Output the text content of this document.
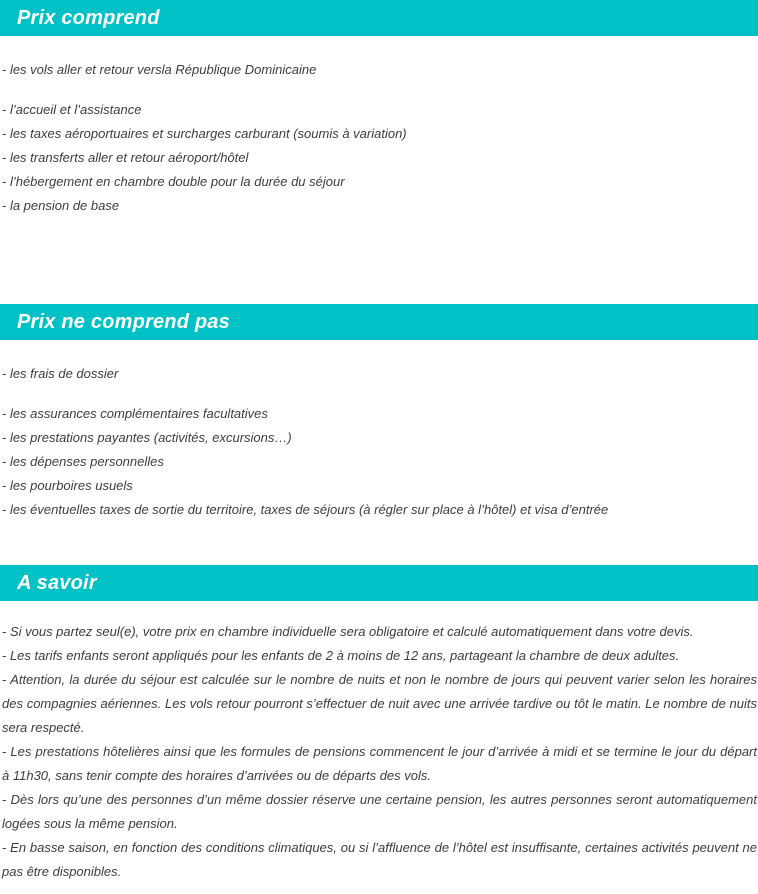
Prix comprend

- les vols aller et retour versla République Dominicaine

- l’accueil et l’assistance

- les taxes aéroportuaires et surcharges carburant (soumis à variation)

- les transferts aller et retour aéroport/hôtel

- l’hébergement en chambre double pour la durée du séjour

- la pension de base

Prix ne comprend pas

- les frais de dossier

- les assurances complémentaires facultatives

- les prestations payantes (activités, excursions…)

- les dépenses personnelles

- les pourboires usuels

- les éventuelles taxes de sortie du territoire, taxes de séjours (à régler sur place à l’hôtel) et visa d’entrée

A savoir

- Si vous partez seul(e), votre prix en chambre individuelle sera obligatoire et calculé automatiquement dans votre devis.

- Les tarifs enfants seront appliqués pour les enfants de 2 à moins de 12 ans, partageant la chambre de deux adultes.

- Attention, la durée du séjour est calculée sur le nombre de nuits et non le nombre de jours qui peuvent varier selon les horaires des compagnies aériennes. Les vols retour pourront s’effectuer de nuit avec une arrivée tardive ou tôt le matin. Le nombre de nuits sera respecté.

- Les prestations hôtelières ainsi que les formules de pensions commencent le jour d’arrivée à midi et se termine le jour du départ à 11h30, sans tenir compte des horaires d’arrivées ou de départs des vols.

- Dès lors qu’une des personnes d’un même dossier réserve une certaine pension, les autres personnes seront automatiquement logées sous la même pension.

- En basse saison, en fonction des conditions climatiques, ou si l’affluence de l’hôtel est insuffisante, certaines activités peuvent ne pas être disponibles.
